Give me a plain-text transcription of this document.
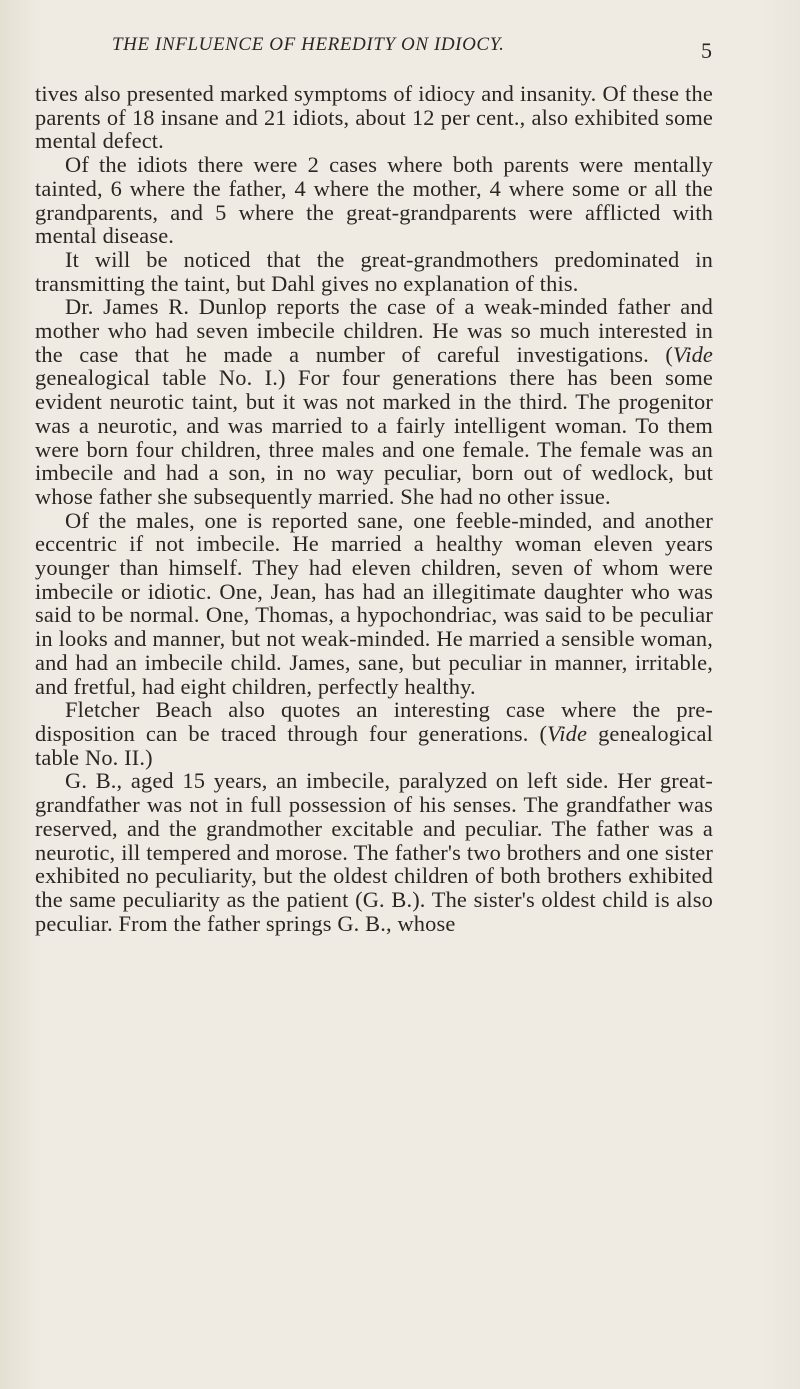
THE INFLUENCE OF HEREDITY ON IDIOCY.	5

tives also presented marked symptoms of idiocy and insanity. Of these the parents of 18 insane and 21 idiots, about 12 per cent., also exhibited some mental defect.

Of the idiots there were 2 cases where both parents were mentally tainted, 6 where the father, 4 where the mother, 4 where some or all the grandparents, and 5 where the great-grandparents were afflicted with mental disease.

It will be noticed that the great-grandmothers predominated in transmitting the taint, but Dahl gives no explanation of this.

Dr. James R. Dunlop reports the case of a weak-minded father and mother who had seven imbecile children. He was so much interested in the case that he made a number of careful investigations. (Vide genealogical table No. I.) For four generations there has been some evident neurotic taint, but it was not marked in the third. The progenitor was a neurotic, and was married to a fairly intelligent woman. To them were born four children, three males and one female. The female was an imbecile and had a son, in no way peculiar, born out of wedlock, but whose father she subsequently married. She had no other issue.

Of the males, one is reported sane, one feeble-minded, and another eccentric if not imbecile. He married a healthy woman eleven years younger than himself. They had eleven children, seven of whom were imbecile or idiotic. One, Jean, has had an illegitimate daughter who was said to be normal. One, Thomas, a hypochondriac, was said to be peculiar in looks and manner, but not weak-minded. He married a sensible woman, and had an imbecile child. James, sane, but peculiar in manner, irritable, and fretful, had eight children, perfectly healthy.

Fletcher Beach also quotes an interesting case where the pre-disposition can be traced through four generations. (Vide genealogical table No. II.)

G. B., aged 15 years, an imbecile, paralyzed on left side. Her great-grandfather was not in full possession of his senses. The grandfather was reserved, and the grandmother excitable and peculiar. The father was a neurotic, ill tempered and morose. The father's two brothers and one sister exhibited no peculiarity, but the oldest children of both brothers exhibited the same peculiarity as the patient (G. B.). The sister's oldest child is also peculiar. From the father springs G. B., whose
